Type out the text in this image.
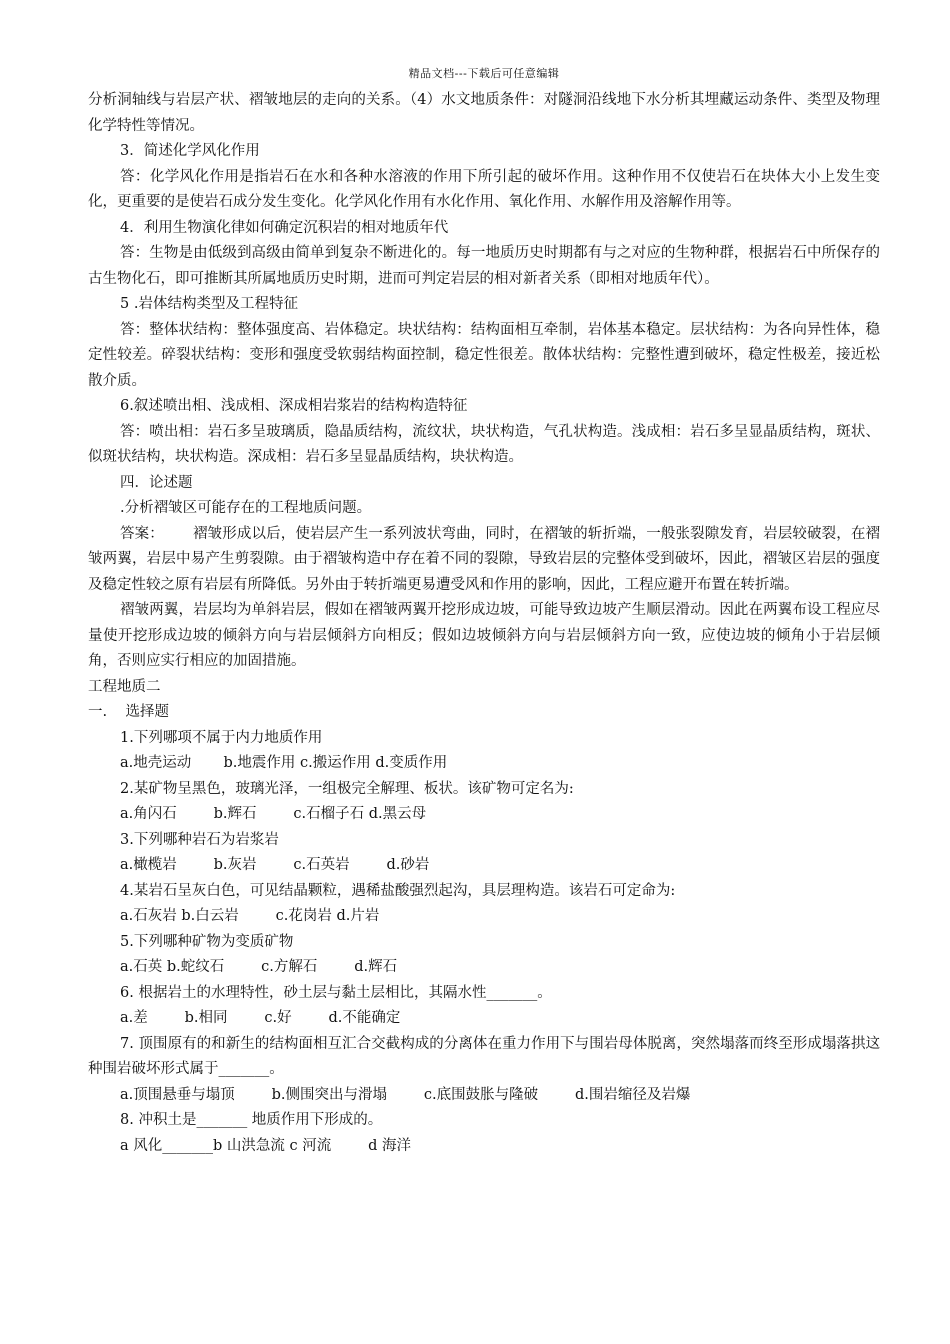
精品文档---下载后可任意编辑

分析洞轴线与岩层产状、褶皱地层的走向的关系。（4）水文地质条件：对隧洞沿线地下水分析其埋藏运动条件、类型及物理化学特性等情况。

3．简述化学风化作用

答：化学风化作用是指岩石在水和各种水溶液的作用下所引起的破坏作用。这种作用不仅使岩石在块体大小上发生变化，更重要的是使岩石成分发生变化。化学风化作用有水化作用、氧化作用、水解作用及溶解作用等。

4．利用生物演化律如何确定沉积岩的相对地质年代

答：生物是由低级到高级由简单到复杂不断进化的。每一地质历史时期都有与之对应的生物种群，根据岩石中所保存的古生物化石，即可推断其所属地质历史时期，进而可判定岩层的相对新者关系（即相对地质年代）。

5 .岩体结构类型及工程特征

答：整体状结构：整体强度高、岩体稳定。块状结构：结构面相互牵制，岩体基本稳定。层状结构：为各向异性体，稳定性较差。碎裂状结构：变形和强度受软弱结构面控制，稳定性很差。散体状结构：完整性遭到破坏，稳定性极差，接近松散介质。

6.叙述喷出相、浅成相、深成相岩浆岩的结构构造特征

答：喷出相：岩石多呈玻璃质，隐晶质结构，流纹状，块状构造，气孔状构造。浅成相：岩石多呈显晶质结构，斑状、似斑状结构，块状构造。深成相：岩石多呈显晶质结构，块状构造。

四．论述题

.分析褶皱区可能存在的工程地质问题。

答案： 褶皱形成以后，使岩层产生一系列波状弯曲，同时，在褶皱的斩折端，一般张裂隙发育，岩层较破裂，在褶皱两翼，岩层中易产生剪裂隙。由于褶皱构造中存在着不同的裂隙，导致岩层的完整体受到破坏，因此，褶皱区岩层的强度及稳定性较之原有岩层有所降低。另外由于转折端更易遭受风和作用的影响，因此，工程应避开布置在转折端。

褶皱两翼，岩层均为单斜岩层，假如在褶皱两翼开挖形成边坡，可能导致边坡产生顺层滑动。因此在两翼布设工程应尽量使开挖形成边坡的倾斜方向与岩层倾斜方向相反；假如边坡倾斜方向与岩层倾斜方向一致，应使边坡的倾角小于岩层倾角，否则应实行相应的加固措施。

工程地质二

一.    选择题

1.下列哪项不属于内力地质作用

a.地壳运动       b.地震作用 c.搬运作用 d.变质作用

2.某矿物呈黑色，玻璃光泽，一组极完全解理、板状。该矿物可定名为:

a.角闪石        b.辉石        c.石榴子石 d.黑云母

3.下列哪种岩石为岩浆岩

a.橄榄岩        b.灰岩        c.石英岩        d.砂岩

4.某岩石呈灰白色，可见结晶颗粒，遇稀盐酸强烈起沟，具层理构造。该岩石可定命为:

a.石灰岩 b.白云岩        c.花岗岩 d.片岩

5.下列哪种矿物为变质矿物

a.石英 b.蛇纹石        c.方解石        d.辉石

6. 根据岩土的水理特性，砂土层与黏土层相比，其隔水性_______。

a.差        b.相同        c.好        d.不能确定

7. 顶围原有的和新生的结构面相互汇合交截构成的分离体在重力作用下与围岩母体脱离，突然塌落而终至形成塌落拱这种围岩破坏形式属于_______。

a.顶围悬垂与塌顶        b.侧围突出与滑塌        c.底围鼓胀与隆破        d.围岩缩径及岩爆

8. 冲积土是_______ 地质作用下形成的。

a 风化_______b 山洪急流 c 河流        d 海洋
